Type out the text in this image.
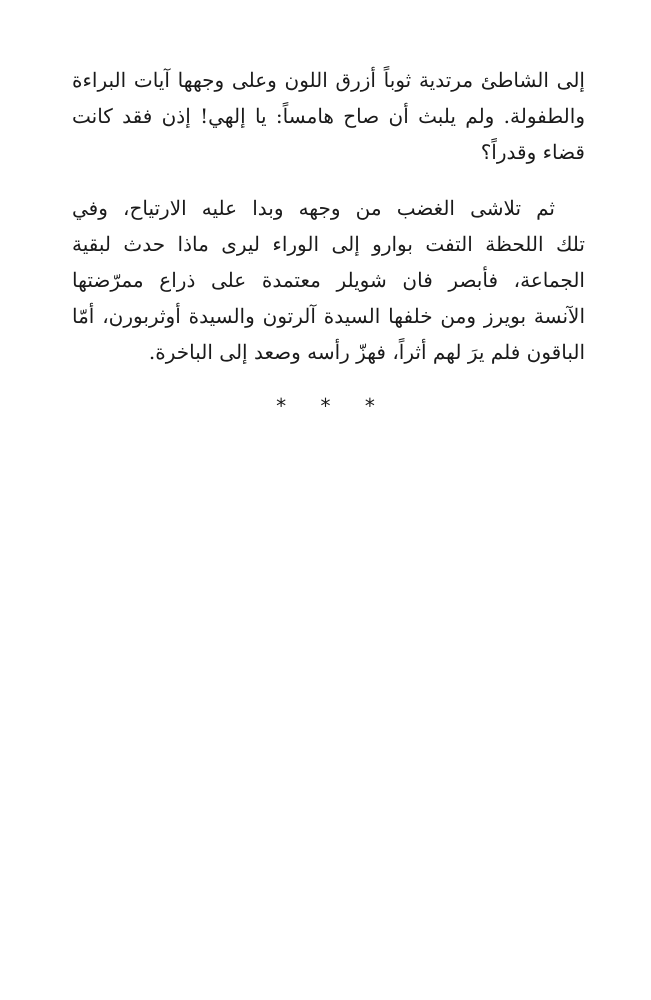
إلى الشاطئ مرتدية ثوباً أزرق اللون وعلى وجهها آيات البراءة
والطفولة. ولم يلبث أن صاح هامساً: يا إلهي! إذن فقد كانت
قضاء وقدراً؟
ثم تلاشى الغضب من وجهه وبدا عليه الارتياح، وفي
تلك اللحظة التفت بوارو إلى الوراء ليرى ماذا حدث لبقية
الجماعة، فأبصر فان شويلر معتمدة على ذراع ممرّضتها
الآنسة بويرز ومن خلفها السيدة آلرتون والسيدة أوثربورن، أمّا
الباقون فلم يرَ لهم أثراً، فهزّ رأسه وصعد إلى الباخرة.
* * *
